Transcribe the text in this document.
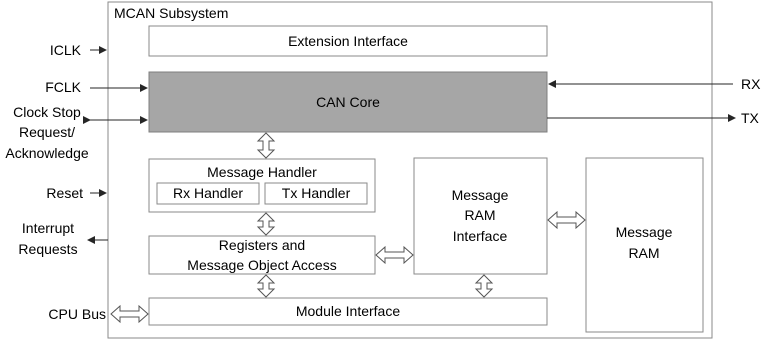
MCAN Subsystem
Extension Interface
CAN Core
Message Handler
Rx Handler	Tx Handler
Registers and
Message Object Access
Message
RAM
Interface
Module Interface
Message
RAM
ICLK
FCLK
Clock Stop
Request/
Acknowledge
Reset
Interrupt
Requests
CPU Bus
RX
TX
